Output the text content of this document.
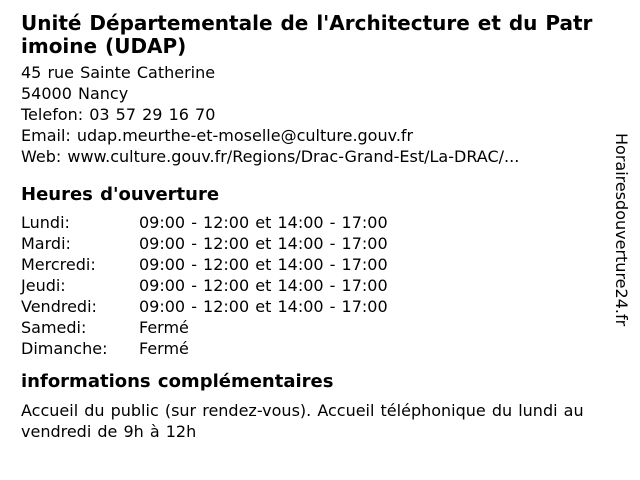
Unité Départementale de l'Architecture et du Patrimoine (UDAP)
45 rue Sainte Catherine
54000 Nancy
Telefon: 03 57 29 16 70
Email: udap.meurthe-et-moselle@culture.gouv.fr
Web: www.culture.gouv.fr/Regions/Drac-Grand-Est/La-DRAC/...
Heures d'ouverture
Lundi:	09:00 - 12:00 et 14:00 - 17:00
Mardi:	09:00 - 12:00 et 14:00 - 17:00
Mercredi:	09:00 - 12:00 et 14:00 - 17:00
Jeudi:	09:00 - 12:00 et 14:00 - 17:00
Vendredi:	09:00 - 12:00 et 14:00 - 17:00
Samedi:	Fermé
Dimanche:	Fermé
informations complémentaires

Accueil du public (sur rendez-vous). Accueil téléphonique du lundi au vendredi de 9h à 12h

Horairesdouverture24.fr
